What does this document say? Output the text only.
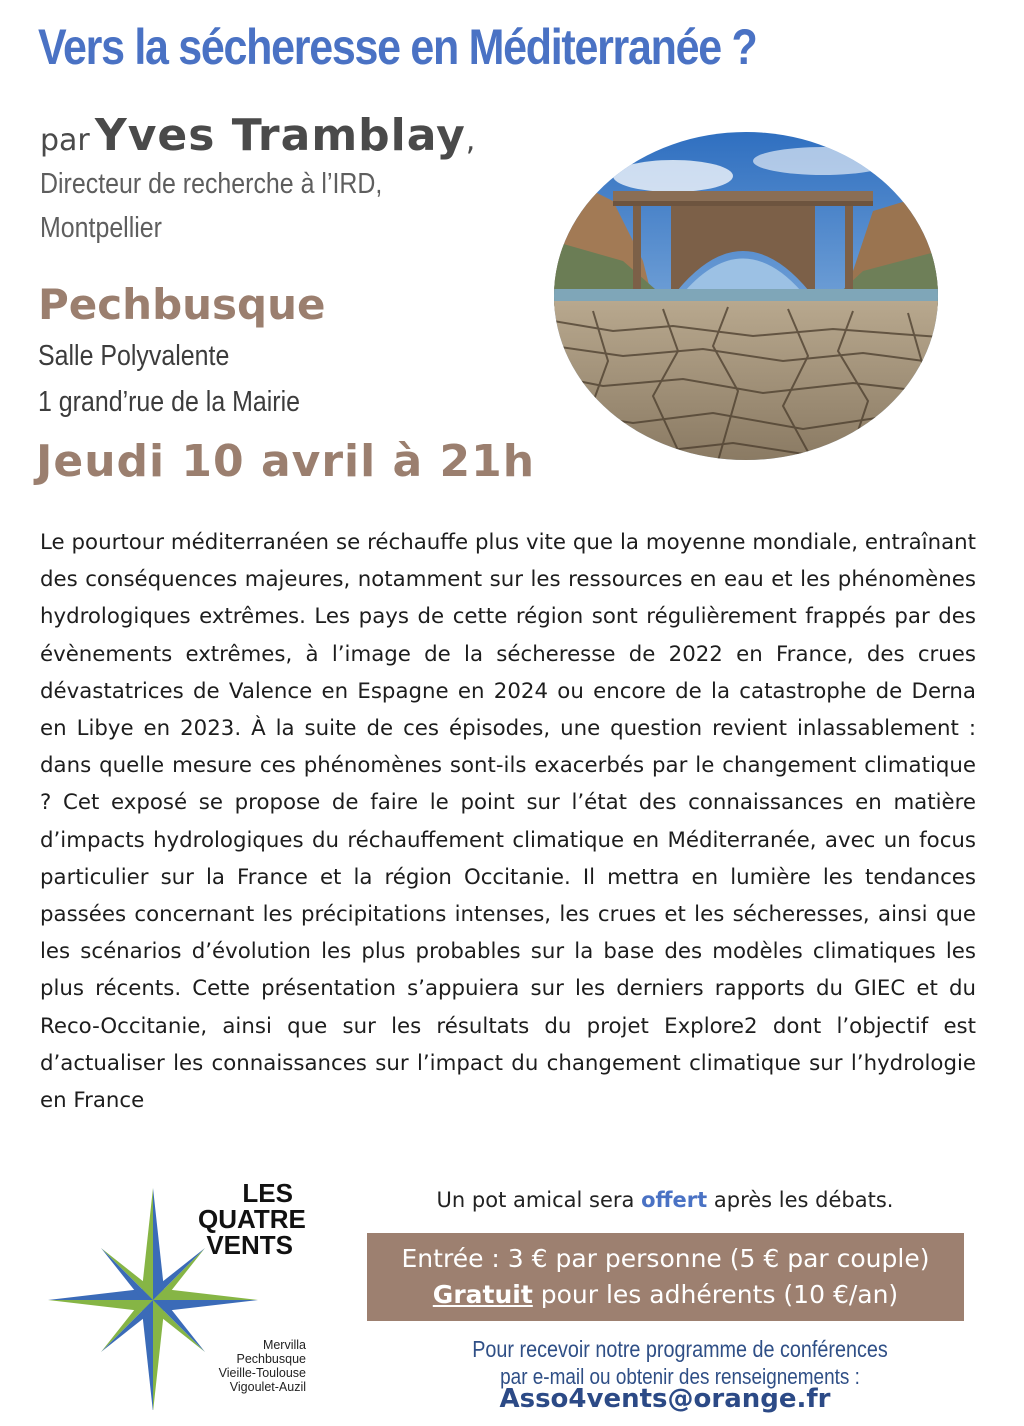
Vers la sécheresse en Méditerranée ?
par Yves Tramblay,
Directeur de recherche à l’IRD,
Montpellier
Pechbusque
Salle Polyvalente
1 grand’rue de la Mairie
Jeudi 10 avril à 21h

Le pourtour méditerranéen se réchauffe plus vite que la moyenne mondiale, entraînant des conséquences majeures, notamment sur les ressources en eau et les phénomènes hydrologiques extrêmes. Les pays de cette région sont régulièrement frappés par des évènements extrêmes, à l’image de la sécheresse de 2022 en France, des crues dévastatrices de Valence en Espagne en 2024 ou encore de la catastrophe de Derna en Libye en 2023. À la suite de ces épisodes, une question revient inlassablement : dans quelle mesure ces phénomènes sont-ils exacerbés par le changement climatique ? Cet exposé se propose de faire le point sur l’état des connaissances en matière d’impacts hydrologiques du réchauffement climatique en Méditerranée, avec un focus particulier sur la France et la région Occitanie. Il mettra en lumière les tendances passées concernant les précipitations intenses, les crues et les sécheresses, ainsi que les scénarios d’évolution les plus probables sur la base des modèles climatiques les plus récents. Cette présentation s’appuiera sur les derniers rapports du GIEC et du Reco-Occitanie, ainsi que sur les résultats du projet Explore2 dont l’objectif est d’actualiser les connaissances sur l’impact du changement climatique sur l’hydrologie en France

LES
QUATRE
VENTS
Mervilla
Pechbusque
Vieille-Toulouse
Vigoulet-Auzil
Un pot amical sera offert après les débats.
Entrée : 3 € par personne (5 € par couple)
Gratuit pour les adhérents (10 €/an)
Pour recevoir notre programme de conférences
par e-mail ou obtenir des renseignements :
Asso4vents@orange.fr
